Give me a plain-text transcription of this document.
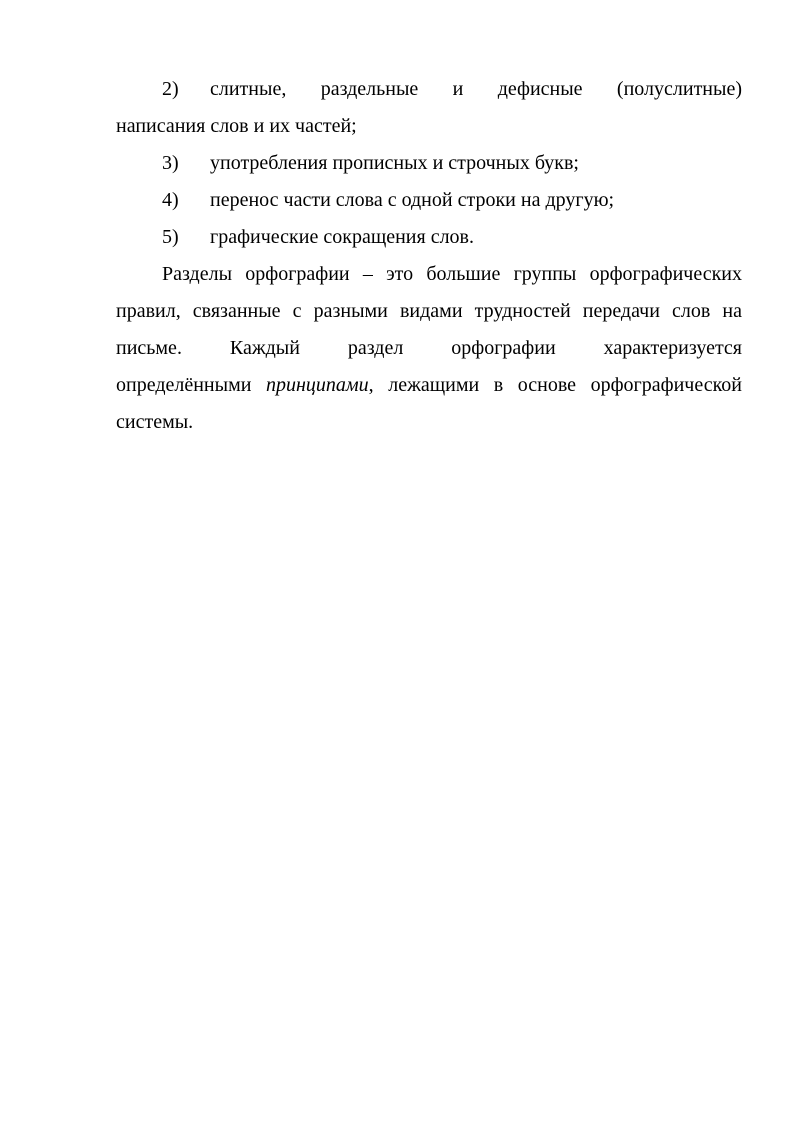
2)	слитные, раздельные и дефисные (полуслитные)
написания слов и их частей;
3)	употребления прописных и строчных букв;
4)	перенос части слова с одной строки на другую;
5)	графические сокращения слов.
Разделы орфографии – это большие группы орфографических
правил, связанные с разными видами трудностей передачи слов на
письме. Каждый раздел орфографии характеризуется
определёнными принципами, лежащими в основе орфографической
системы.
